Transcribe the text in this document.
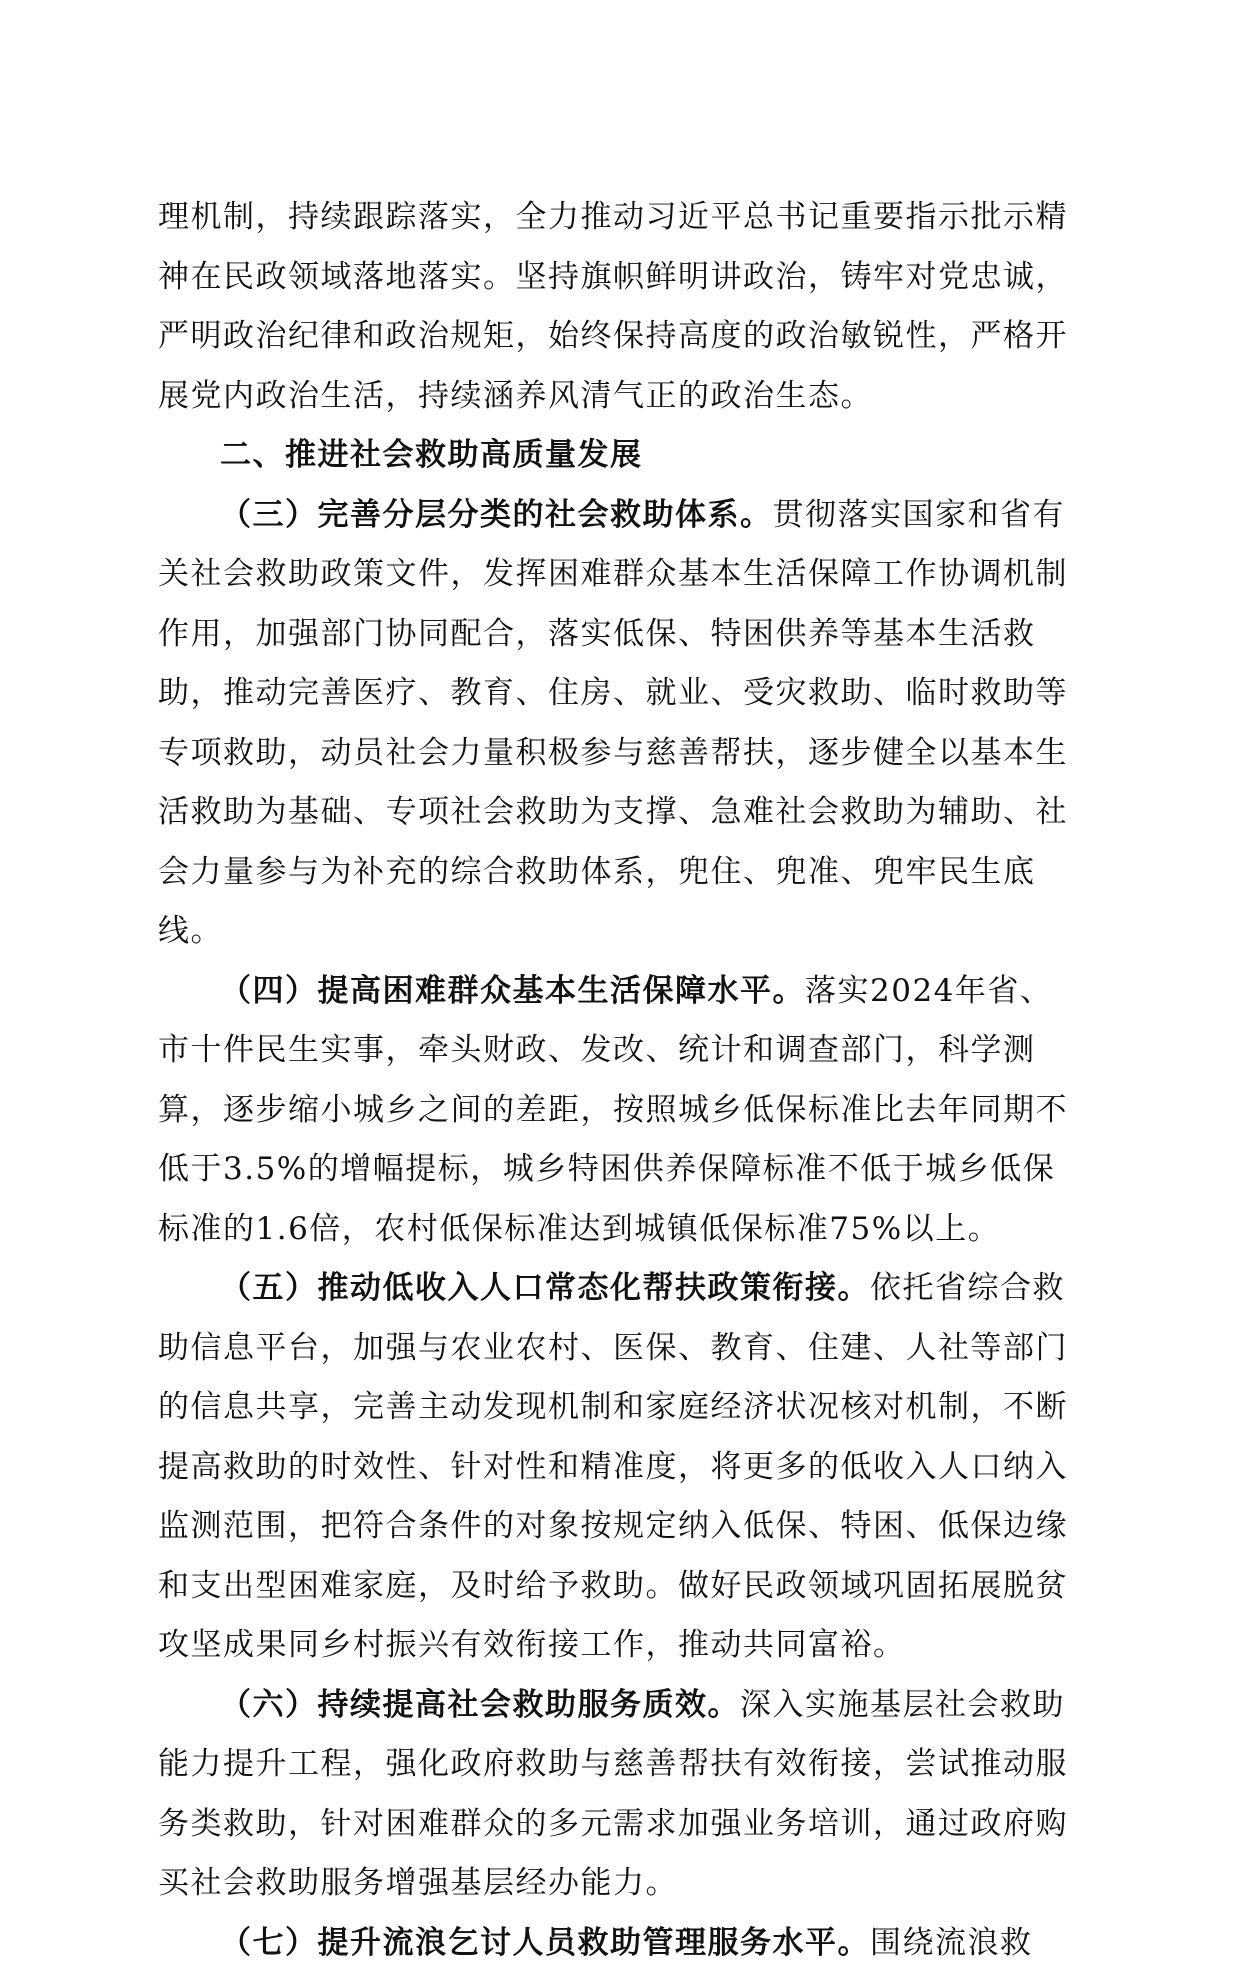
理机制，持续跟踪落实，全力推动习近平总书记重要指示批示精神在民政领域落地落实。坚持旗帜鲜明讲政治，铸牢对党忠诚，严明政治纪律和政治规矩，始终保持高度的政治敏锐性，严格开展党内政治生活，持续涵养风清气正的政治生态。

二、推进社会救助高质量发展

（三）完善分层分类的社会救助体系。贯彻落实国家和省有关社会救助政策文件，发挥困难群众基本生活保障工作协调机制作用，加强部门协同配合，落实低保、特困供养等基本生活救助，推动完善医疗、教育、住房、就业、受灾救助、临时救助等专项救助，动员社会力量积极参与慈善帮扶，逐步健全以基本生活救助为基础、专项社会救助为支撑、急难社会救助为辅助、社会力量参与为补充的综合救助体系，兜住、兜准、兜牢民生底线。

（四）提高困难群众基本生活保障水平。落实2024年省、市十件民生实事，牵头财政、发改、统计和调查部门，科学测算，逐步缩小城乡之间的差距，按照城乡低保标准比去年同期不低于3.5%的增幅提标，城乡特困供养保障标准不低于城乡低保标准的1.6倍，农村低保标准达到城镇低保标准75%以上。

（五）推动低收入人口常态化帮扶政策衔接。依托省综合救助信息平台，加强与农业农村、医保、教育、住建、人社等部门的信息共享，完善主动发现机制和家庭经济状况核对机制，不断提高救助的时效性、针对性和精准度，将更多的低收入人口纳入监测范围，把符合条件的对象按规定纳入低保、特困、低保边缘和支出型困难家庭，及时给予救助。做好民政领域巩固拓展脱贫攻坚成果同乡村振兴有效衔接工作，推动共同富裕。

（六）持续提高社会救助服务质效。深入实施基层社会救助能力提升工程，强化政府救助与慈善帮扶有效衔接，尝试推动服务类救助，针对困难群众的多元需求加强业务培训，通过政府购买社会救助服务增强基层经办能力。

（七）提升流浪乞讨人员救助管理服务水平。围绕流浪救
